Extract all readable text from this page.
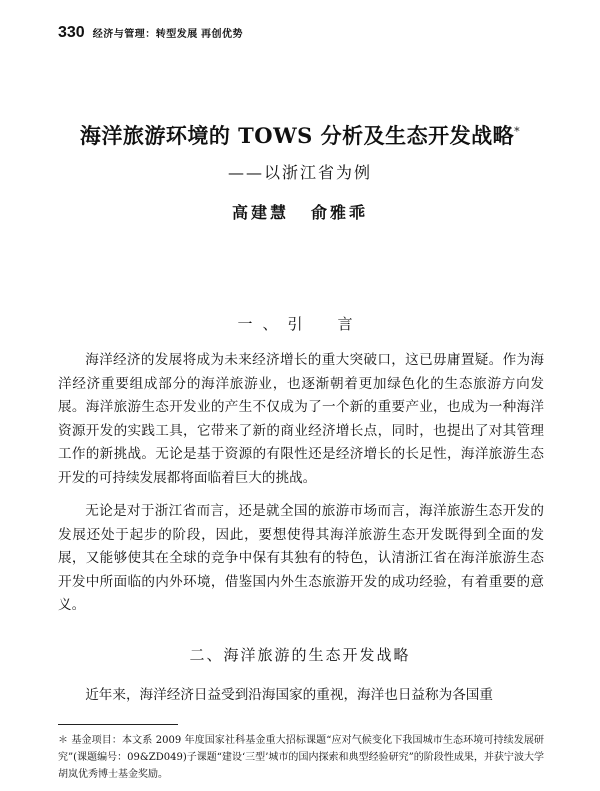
330 经济与管理：转型发展 再创优势
海洋旅游环境的 TOWS 分析及生态开发战略*
——以浙江省为例
高建慧 俞雅乖
一、引　言

海洋经济的发展将成为未来经济增长的重大突破口，这已毋庸置疑。作为海洋经济重要组成部分的海洋旅游业，也逐渐朝着更加绿色化的生态旅游方向发展。海洋旅游生态开发业的产生不仅成为了一个新的重要产业，也成为一种海洋资源开发的实践工具，它带来了新的商业经济增长点，同时，也提出了对其管理工作的新挑战。无论是基于资源的有限性还是经济增长的长足性，海洋旅游生态开发的可持续发展都将面临着巨大的挑战。

无论是对于浙江省而言，还是就全国的旅游市场而言，海洋旅游生态开发的发展还处于起步的阶段，因此，要想使得其海洋旅游生态开发既得到全面的发展，又能够使其在全球的竞争中保有其独有的特色，认清浙江省在海洋旅游生态开发中所面临的内外环境，借鉴国内外生态旅游开发的成功经验，有着重要的意义。

二、海洋旅游的生态开发战略

近年来，海洋经济日益受到沿海国家的重视，海洋也日益称为各国重

＊ 基金项目：本文系 2009 年度国家社科基金重大招标课题“应对气候变化下我国城市生态环境可持续发展研究”(课题编号：09&ZD049)子课题“建设‘三型’城市的国内探索和典型经验研究”的阶段性成果，并获宁波大学胡岚优秀博士基金奖励。
